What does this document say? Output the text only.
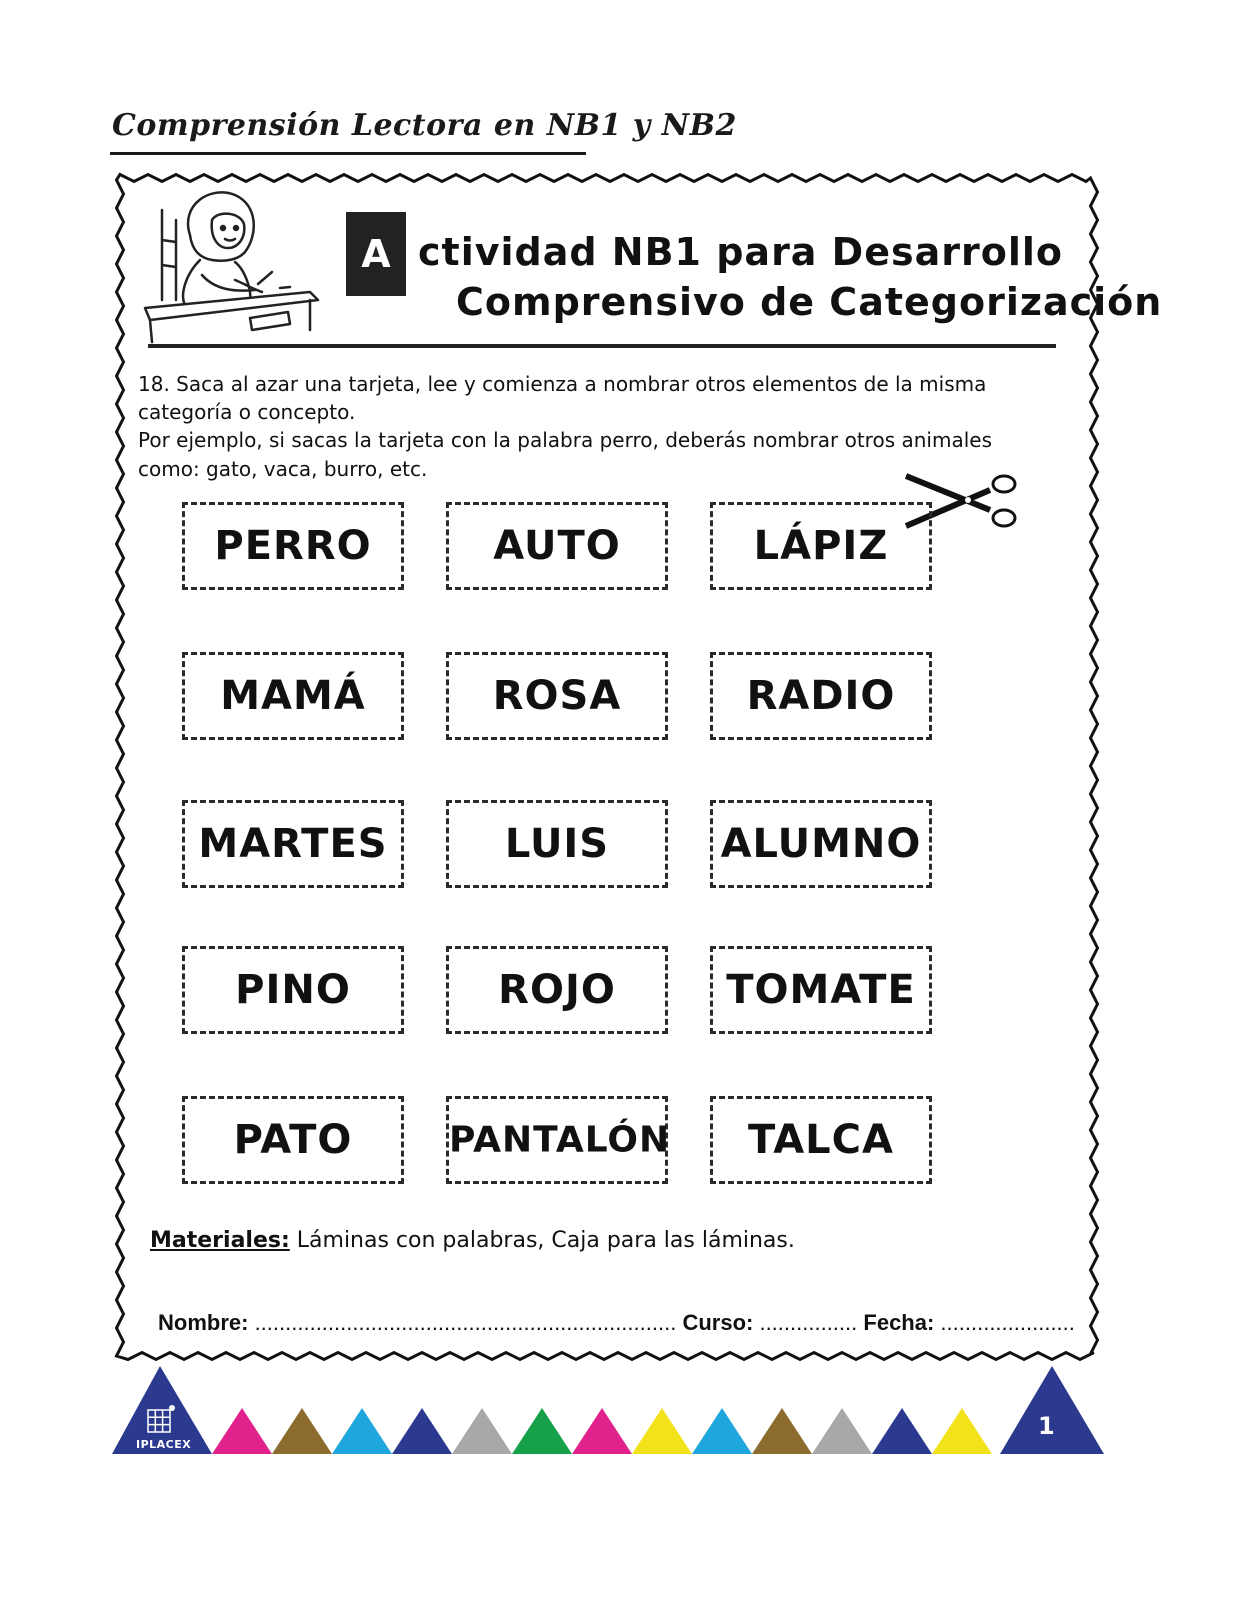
Comprensión Lectora en NB1 y NB2
A ctividad NB1 para Desarrollo
Comprensivo de Categorización
18. Saca al azar una tarjeta, lee y comienza a nombrar otros elementos de la misma
categoría o concepto.
Por ejemplo, si sacas la tarjeta con la palabra perro, deberás nombrar otros animales
como: gato, vaca, burro, etc.
PERRO	AUTO	LÁPIZ
MAMÁ	ROSA	RADIO
MARTES	LUIS	ALUMNO
PINO	ROJO	TOMATE
PATO	PANTALÓN	TALCA
Materiales: Láminas con palabras, Caja para las láminas.
Nombre: ..................................................................... Curso: ................ Fecha: ......................
IPLACEX
1
